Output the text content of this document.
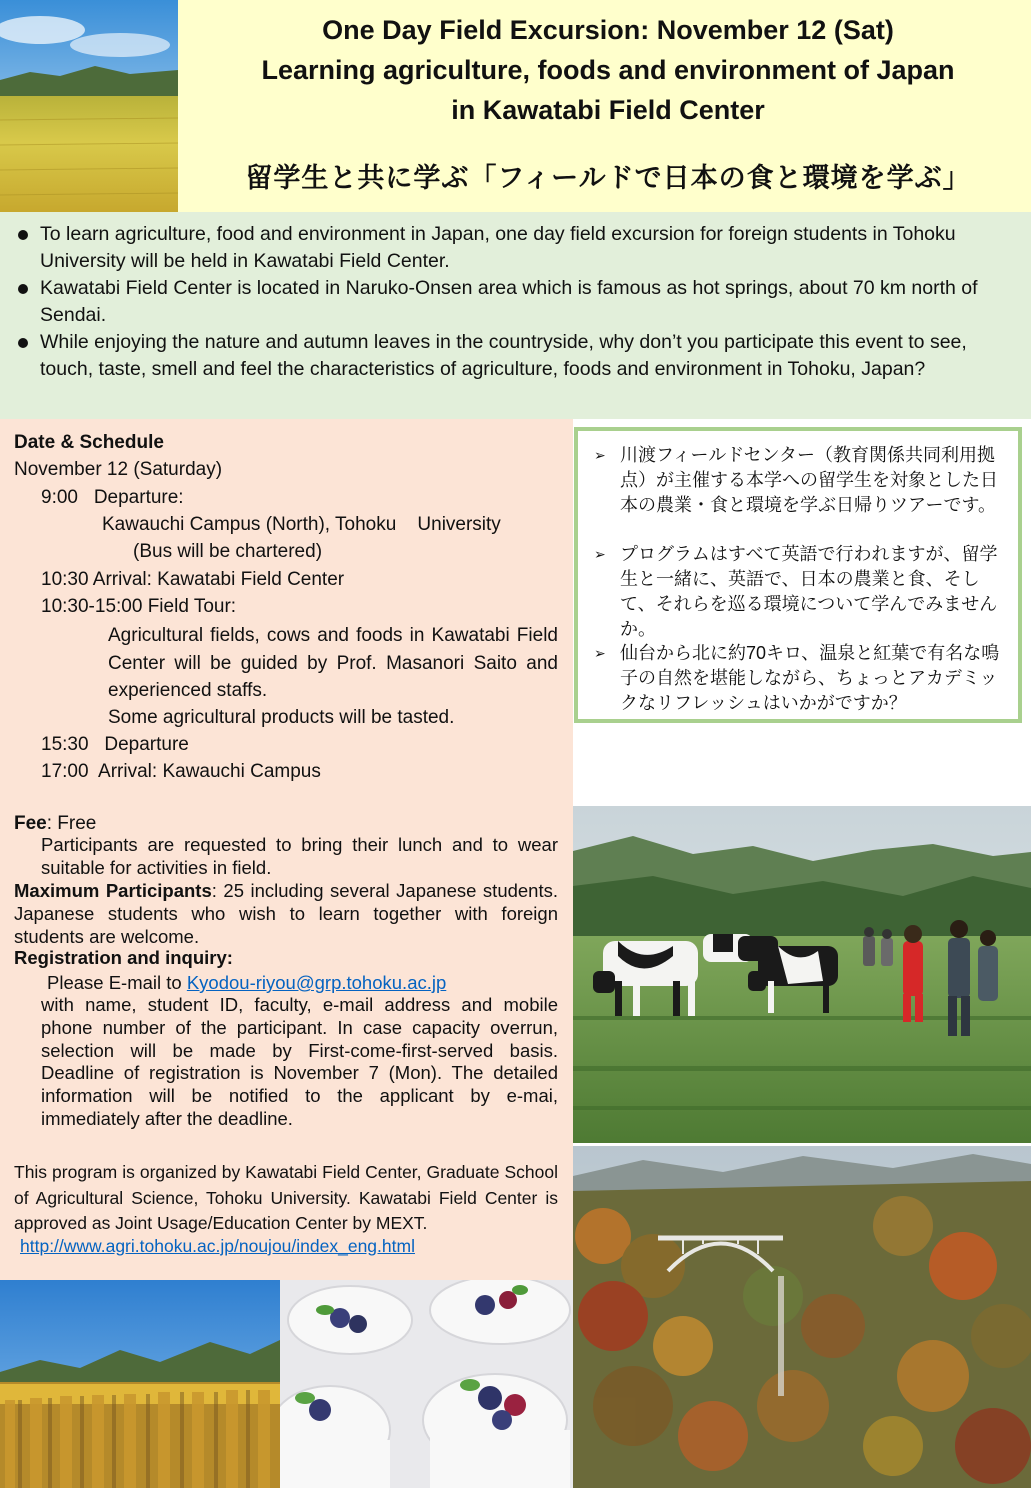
One Day Field Excursion: November 12 (Sat)
Learning agriculture, foods and environment of Japan
in Kawatabi Field Center
留学生と共に学ぶ「フィールドで日本の食と環境を学ぶ」
To learn agriculture, food and environment in Japan, one day field excursion for foreign students in Tohoku University will be held in Kawatabi Field Center.
Kawatabi Field Center is located in Naruko-Onsen area which is famous as hot springs, about 70 km north of Sendai.
While enjoying the nature and autumn leaves in the countryside, why don’t you participate this event to see, touch, taste, smell and feel the characteristics of agriculture, foods and environment in Tohoku, Japan?
Date & Schedule
November 12 (Saturday)
9:00   Departure:
Kawauchi Campus (North), Tohoku    University
(Bus will be chartered)
10:30 Arrival: Kawatabi Field Center
10:30-15:00 Field Tour:
Agricultural fields, cows and foods in Kawatabi Field Center will be guided by Prof. Masanori Saito and experienced staffs.
Some agricultural products will be tasted.
15:30   Departure
17:00  Arrival: Kawauchi Campus
Fee: Free
Participants are requested to bring their lunch and to wear suitable for activities in field.
Maximum Participants: 25 including several Japanese students. Japanese students who wish to learn together with foreign students are welcome.
Registration and inquiry:
Please E-mail to Kyodou-riyou@grp.tohoku.ac.jp
with name, student ID, faculty, e-mail address and mobile phone number of the participant. In case capacity overrun, selection will be made by First-come-first-served basis. Deadline of registration is November 7 (Mon). The detailed information will be notified to the applicant by e-mai, immediately after the deadline.
This program is organized by Kawatabi Field Center, Graduate School of Agricultural Science, Tohoku University. Kawatabi Field Center is approved as Joint Usage/Education Center by MEXT.
http://www.agri.tohoku.ac.jp/noujou/index_eng.html
➢ 川渡フィールドセンター（教育関係共同利用拠点）が主催する本学への留学生を対象とした日本の農業・食と環境を学ぶ日帰りツアーです。
➢ プログラムはすべて英語で行われますが、留学生と一緒に、英語で、日本の農業と食、そして、それらを巡る環境について学んでみませんか。
➢ 仙台から北に約70キロ、温泉と紅葉で有名な鳴子の自然を堪能しながら、ちょっとアカデミックなリフレッシュはいかがですか？
